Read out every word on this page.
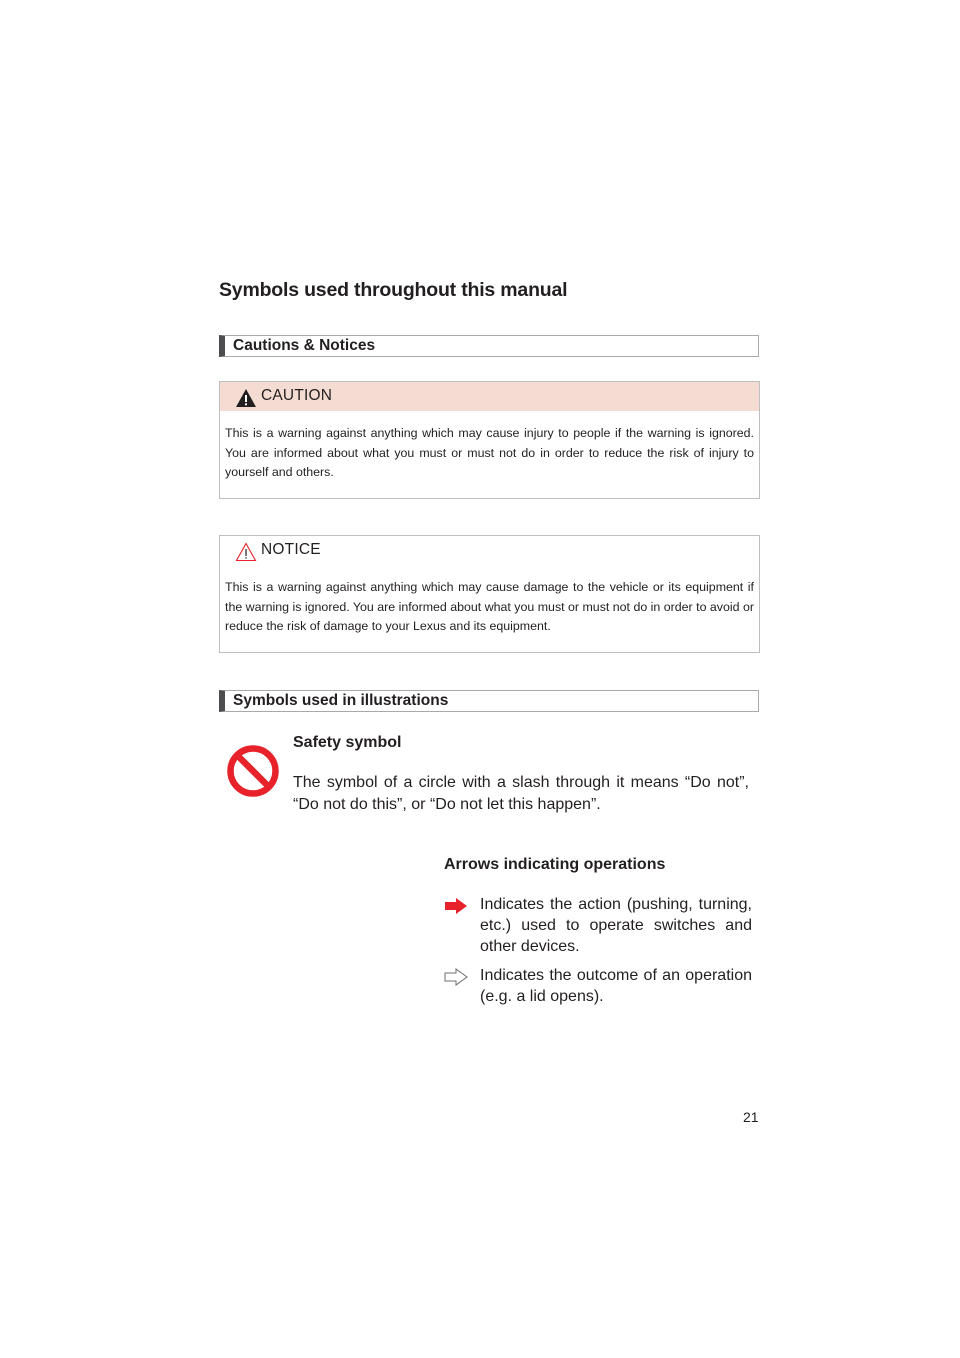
Symbols used throughout this manual
Cautions & Notices
CAUTION
This is a warning against anything which may cause injury to people if the warning is ignored. You are informed about what you must or must not do in order to reduce the risk of injury to yourself and others.
NOTICE
This is a warning against anything which may cause damage to the vehicle or its equipment if the warning is ignored. You are informed about what you must or must not do in order to avoid or reduce the risk of damage to your Lexus and its equipment.
Symbols used in illustrations
Safety symbol
The symbol of a circle with a slash through it means “Do not”, “Do not do this”, or “Do not let this happen”.
Arrows indicating operations
Indicates the action (pushing, turning, etc.) used to operate switches and other devices.
Indicates the outcome of an operation (e.g. a lid opens).
21
